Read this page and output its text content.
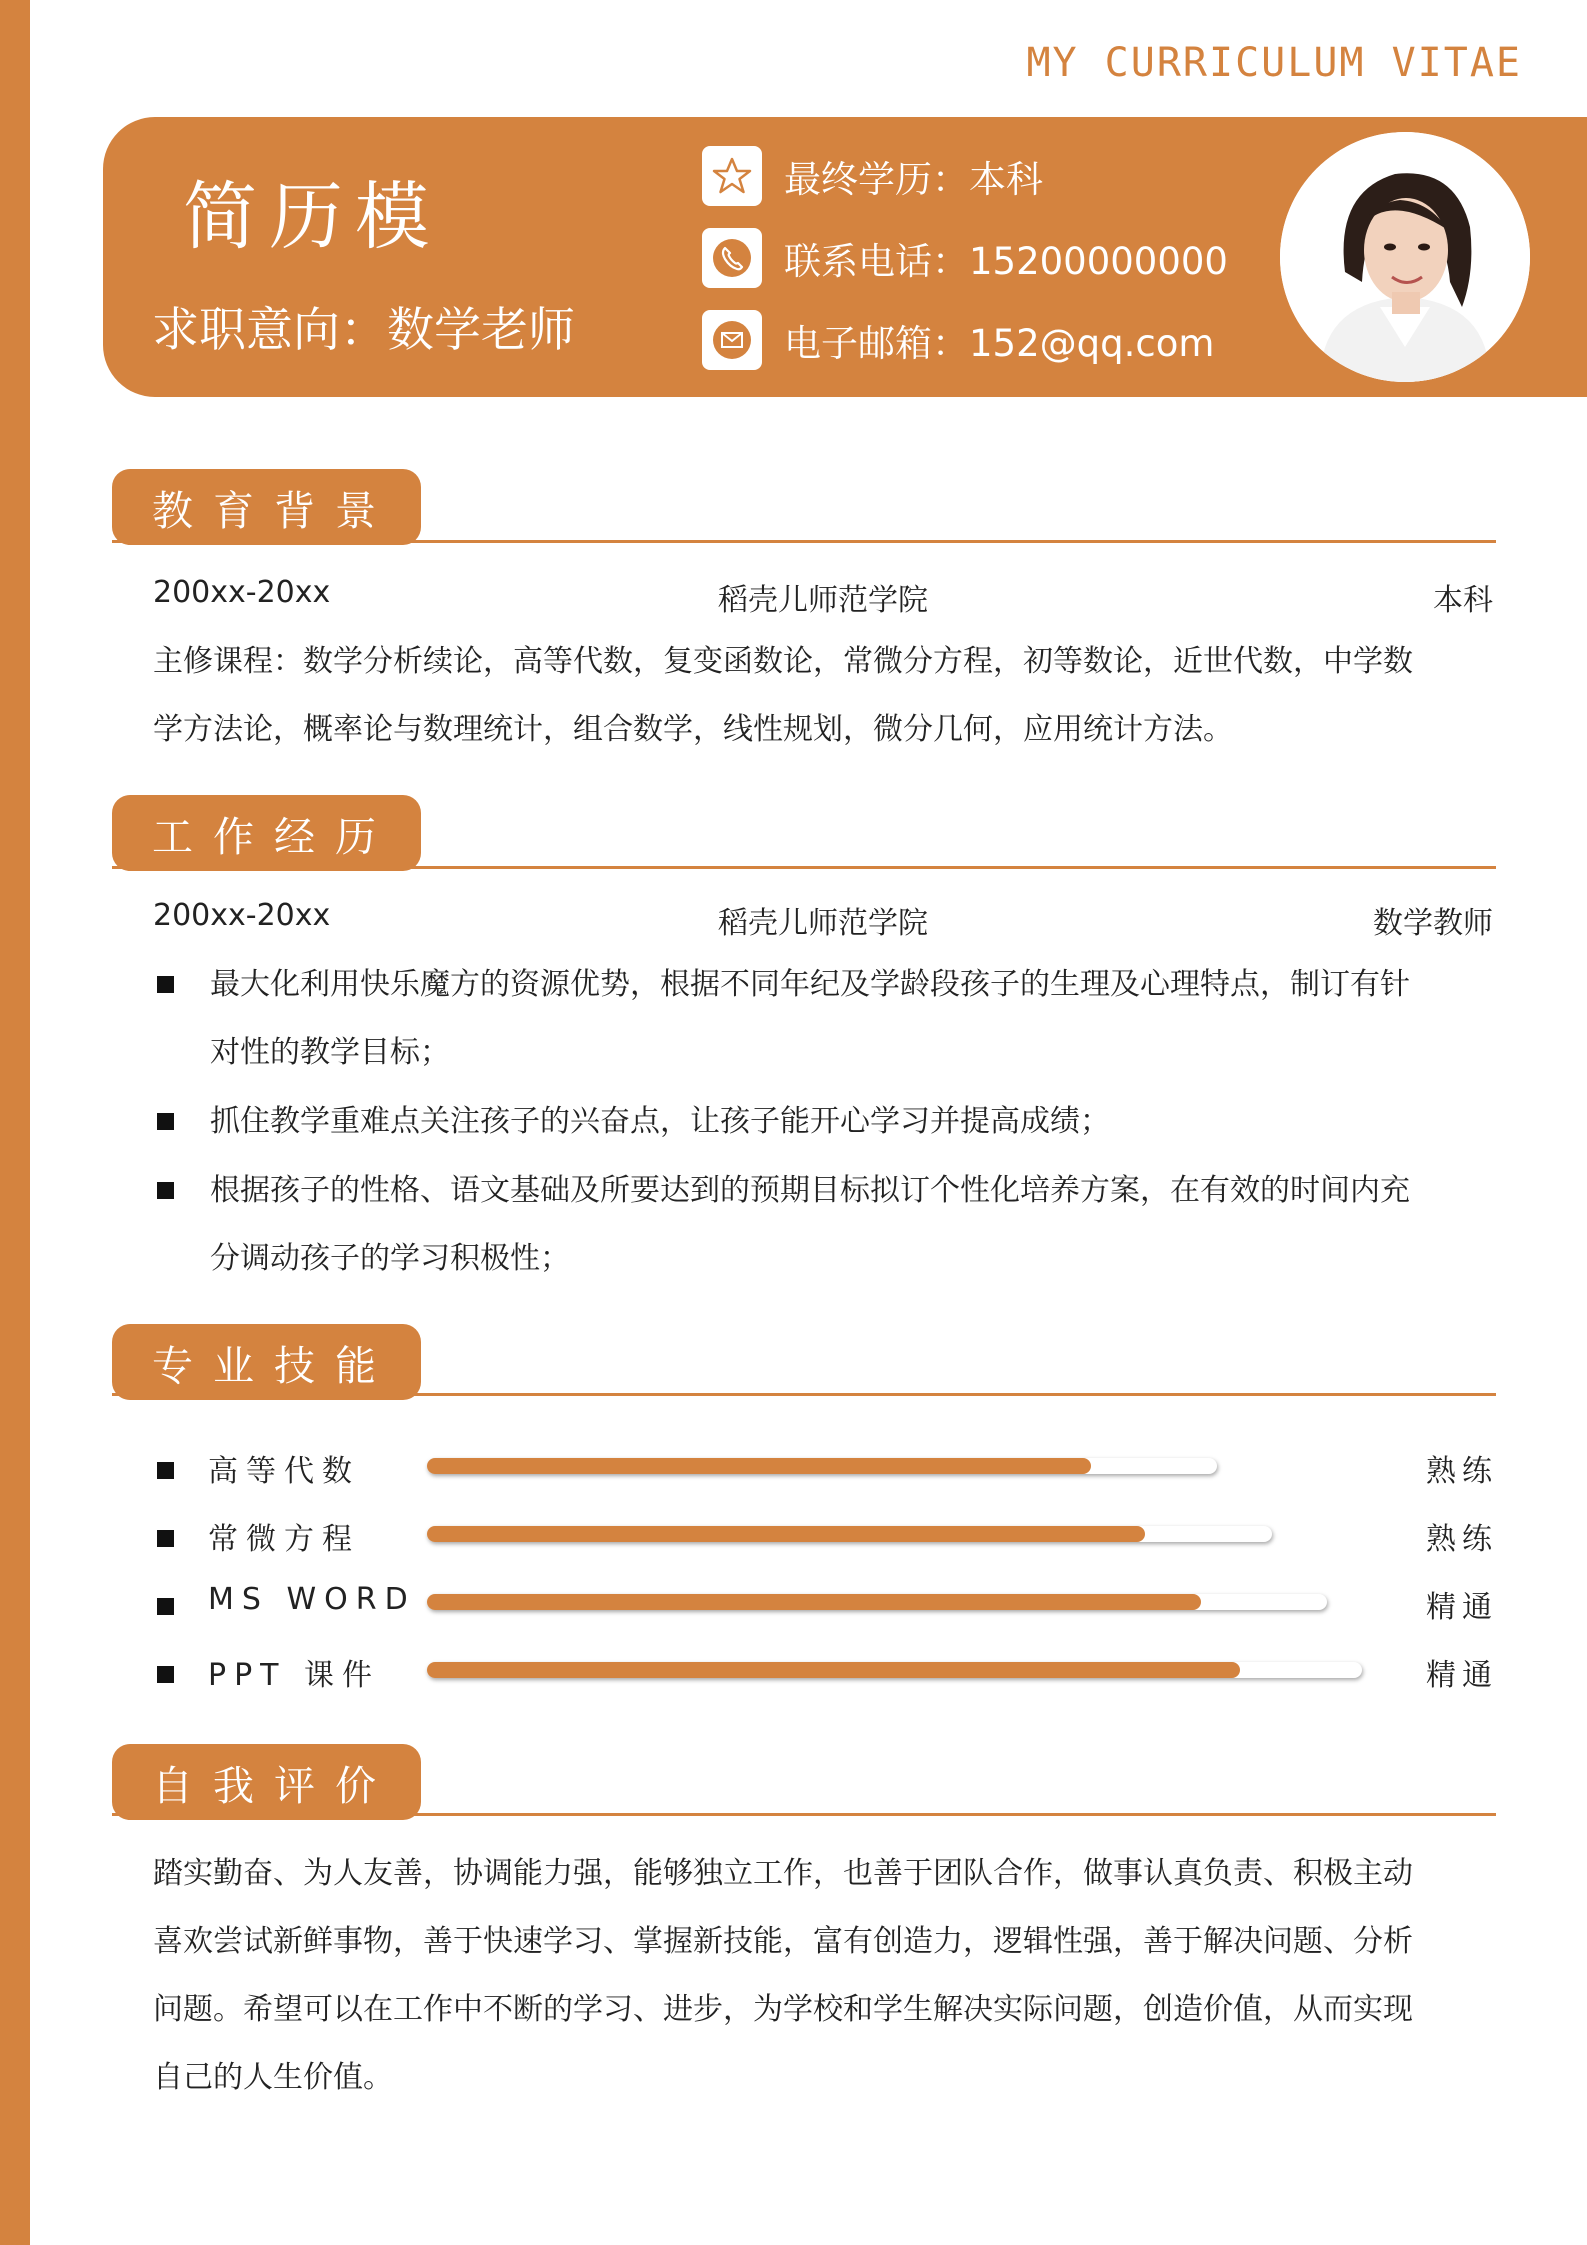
MY CURRICULUM VITAE
简历模
求职意向：数学老师
最终学历：本科
联系电话：15200000000
电子邮箱：152@qq.com
教育背景
200xx-20xx	稻壳儿师范学院	本科
主修课程：数学分析续论，高等代数，复变函数论，常微分方程，初等数论，近世代数，中学数
学方法论，概率论与数理统计，组合数学，线性规划，微分几何，应用统计方法。
工作经历
200xx-20xx	稻壳儿师范学院	数学教师
最大化利用快乐魔方的资源优势，根据不同年纪及学龄段孩子的生理及心理特点，制订有针
对性的教学目标；
抓住教学重难点关注孩子的兴奋点，让孩子能开心学习并提高成绩；
根据孩子的性格、语文基础及所要达到的预期目标拟订个性化培养方案，在有效的时间内充
分调动孩子的学习积极性；
专业技能
高等代数	熟练
常微方程	熟练
MS WORD	精通
PPT 课件	精通
自我评价
踏实勤奋、为人友善，协调能力强，能够独立工作，也善于团队合作，做事认真负责、积极主动
喜欢尝试新鲜事物，善于快速学习、掌握新技能，富有创造力，逻辑性强，善于解决问题、分析
问题。希望可以在工作中不断的学习、进步，为学校和学生解决实际问题，创造价值，从而实现
自己的人生价值。
